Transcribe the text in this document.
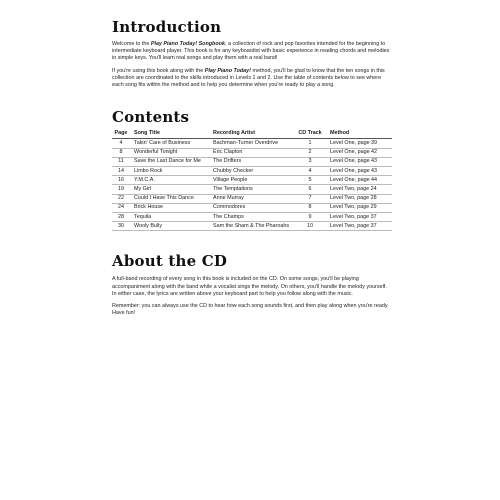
Introduction

Welcome to the Play Piano Today! Songbook, a collection of rock and pop favorites intended for the beginning to intermediate keyboard player. This book is for any keyboardist with basic experience in reading chords and melodies in simple keys. You'll learn real songs and play them with a real band!

If you're using this book along with the Play Piano Today! method, you'll be glad to know that the ten songs in this collection are coordinated to the skills introduced in Levels 1 and 2. Use the table of contents below to see where each song fits within the method and to help you determine when you're ready to play a song.

Contents
Page	Song Title	Recording Artist	CD Track	Method
4	Takin' Care of Business	Bachman-Turner Overdrive	1	Level One, page 39
8	Wonderful Tonight	Eric Clapton	2	Level One, page 42
11	Save the Last Dance for Me	The Drifters	3	Level One, page 43
14	Limbo Rock	Chubby Checker	4	Level One, page 43
16	Y.M.C.A.	Village People	5	Level One, page 44
19	My Girl	The Temptations	6	Level Two, page 24
22	Could I Have This Dance	Anne Murray	7	Level Two, page 28
24	Brick House	Commodores	8	Level Two, page 29
28	Tequila	The Champs	9	Level Two, page 37
30	Wooly Bully	Sam the Sham & The Pharoahs	10	Level Two, page 37
About the CD

A full-band recording of every song in this book is included on the CD. On some songs, you'll be playing accompaniment along with the band while a vocalist sings the melody. On others, you'll handle the melody yourself. In either case, the lyrics are written above your keyboard part to help you follow along with the music.

Remember: you can always use the CD to hear how each song sounds first, and then play along when you're ready. Have fun!
